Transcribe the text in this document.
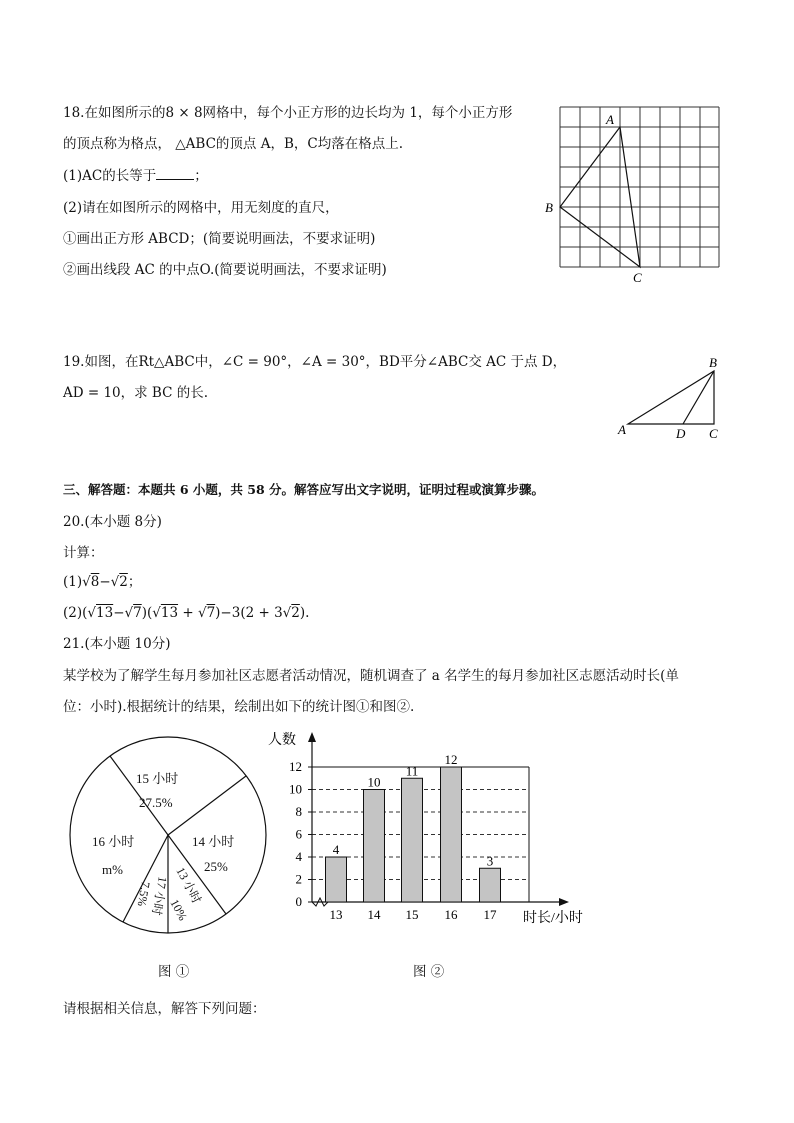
18.在如图所示的8 × 8网格中，每个小正方形的边长均为 1，每个小正方形
的顶点称为格点， △ABC的顶点 A，B，C均落在格点上.
(1)AC的长等于	；
(2)请在如图所示的网格中，用无刻度的直尺，
①画出正方形 ABCD；(简要说明画法，不要求证明)
②画出线段 AC 的中点O.(简要说明画法，不要求证明)
A
B
C
19.如图，在Rt△ABC中，∠C = 90°，∠A = 30°，BD平分∠ABC交 AC 于点 D，
AD = 10，求 BC 的长.
A
B
D C
三、解答题：本题共 6 小题，共 58 分。解答应写出文字说明，证明过程或演算步骤。
20.(本小题 8分)
计算：
(1)√8−√2；
(2)(√13−√7)(√13 + √7)−3(2 + 3√2).
21.(本小题 10分)
某学校为了解学生每月参加社区志愿者活动情况，随机调查了 a 名学生的每月参加社区志愿活动时长(单
位：小时).根据统计的结果，绘制出如下的统计图①和图②.
15 小时
27.5%
14 小时
25%
16 小时
m%	13 小时
10%
17 小时
7.5%
图 ①
0
2
4
6
8
10
12
人数
时长/小时
4
13
10
14
11
15
12
16
3
17
图 ②
请根据相关信息，解答下列问题：
